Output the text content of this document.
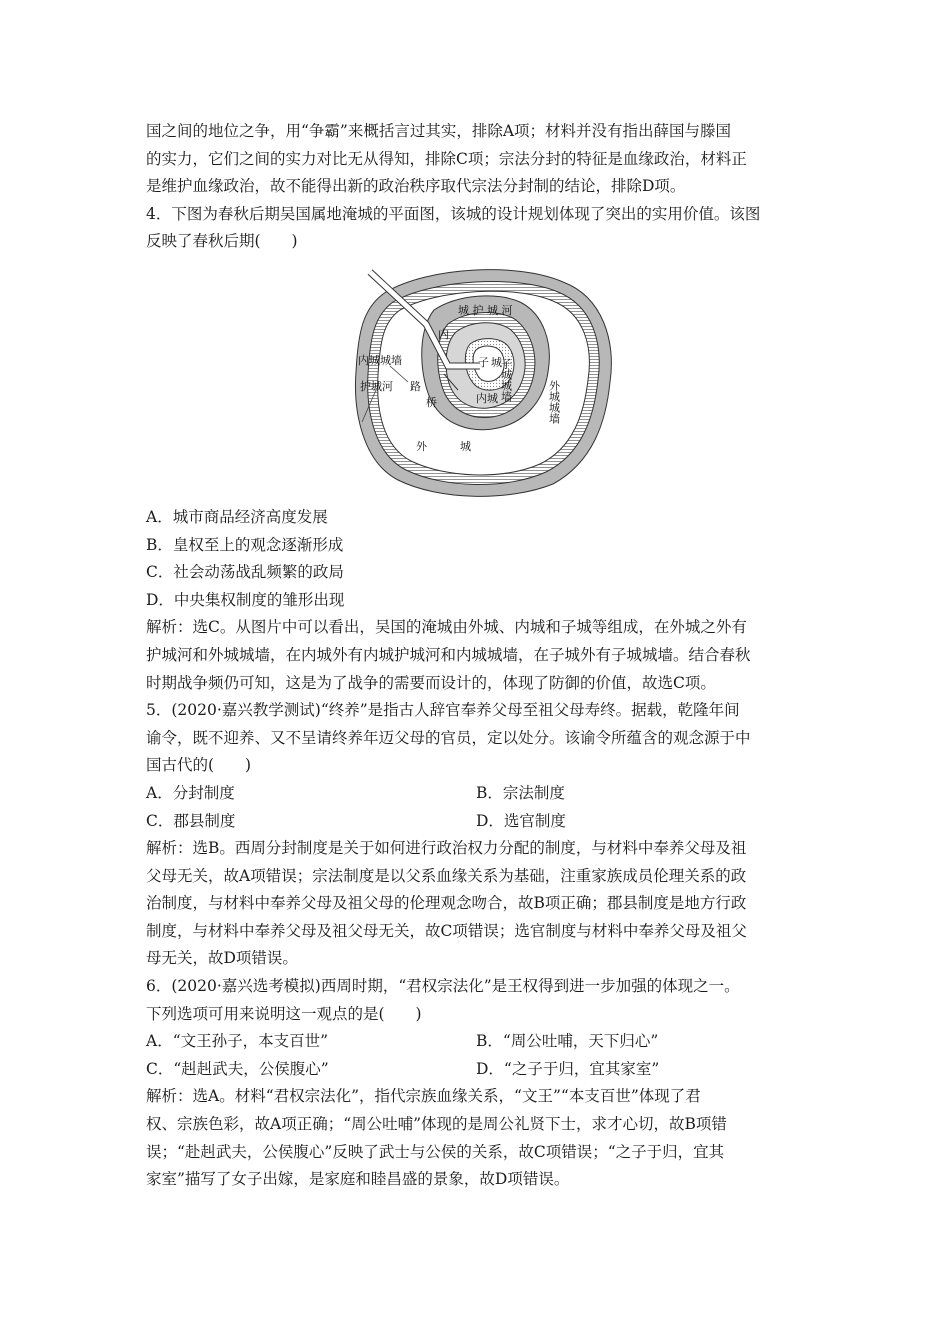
国之间的地位之争，用“争霸”来概括言过其实，排除A项；材料并没有指出薛国与滕国
的实力，它们之间的实力对比无从得知，排除C项；宗法分封的特征是血缘政治，材料正
是维护血缘政治，故不能得出新的政治秩序取代宗法分封制的结论，排除D项。
4．下图为春秋后期吴国属地淹城的平面图，该城的设计规划体现了突出的实用价值。该图
反映了春秋后期(　　)
城 护 城 河
内
子 城
子城城墙
内城城墙
护城河 路
桥	内城	外城城墙
外　　　城
A．城市商品经济高度发展
B．皇权至上的观念逐渐形成
C．社会动荡战乱频繁的政局
D．中央集权制度的雏形出现
解析：选C。从图片中可以看出，吴国的淹城由外城、内城和子城等组成，在外城之外有
护城河和外城城墙，在内城外有内城护城河和内城城墙，在子城外有子城城墙。结合春秋
时期战争频仍可知，这是为了战争的需要而设计的，体现了防御的价值，故选C项。
5．(2020·嘉兴教学测试)“终养”是指古人辞官奉养父母至祖父母寿终。据载，乾隆年间
谕令，既不迎养、又不呈请终养年迈父母的官员，定以处分。该谕令所蕴含的观念源于中
国古代的(　　)
A．分封制度	B．宗法制度
C．郡县制度	D．选官制度
解析：选B。西周分封制度是关于如何进行政治权力分配的制度，与材料中奉养父母及祖
父母无关，故A项错误；宗法制度是以父系血缘关系为基础，注重家族成员伦理关系的政
治制度，与材料中奉养父母及祖父母的伦理观念吻合，故B项正确；郡县制度是地方行政
制度，与材料中奉养父母及祖父母无关，故C项错误；选官制度与材料中奉养父母及祖父
母无关，故D项错误。
6．(2020·嘉兴选考模拟)西周时期，“君权宗法化”是王权得到进一步加强的体现之一。
下列选项可用来说明这一观点的是(　　)
A．“文王孙子，本支百世”	B．“周公吐哺，天下归心”
C．“赳赳武夫，公侯腹心”	D．“之子于归，宜其家室”
解析：选A。材料“君权宗法化”，指代宗族血缘关系，“文王”“本支百世”体现了君
权、宗族色彩，故A项正确；“周公吐哺”体现的是周公礼贤下士，求才心切，故B项错
误；“赴赳武夫，公侯腹心”反映了武士与公侯的关系，故C项错误；“之子于归，宜其
家室”描写了女子出嫁，是家庭和睦昌盛的景象，故D项错误。
